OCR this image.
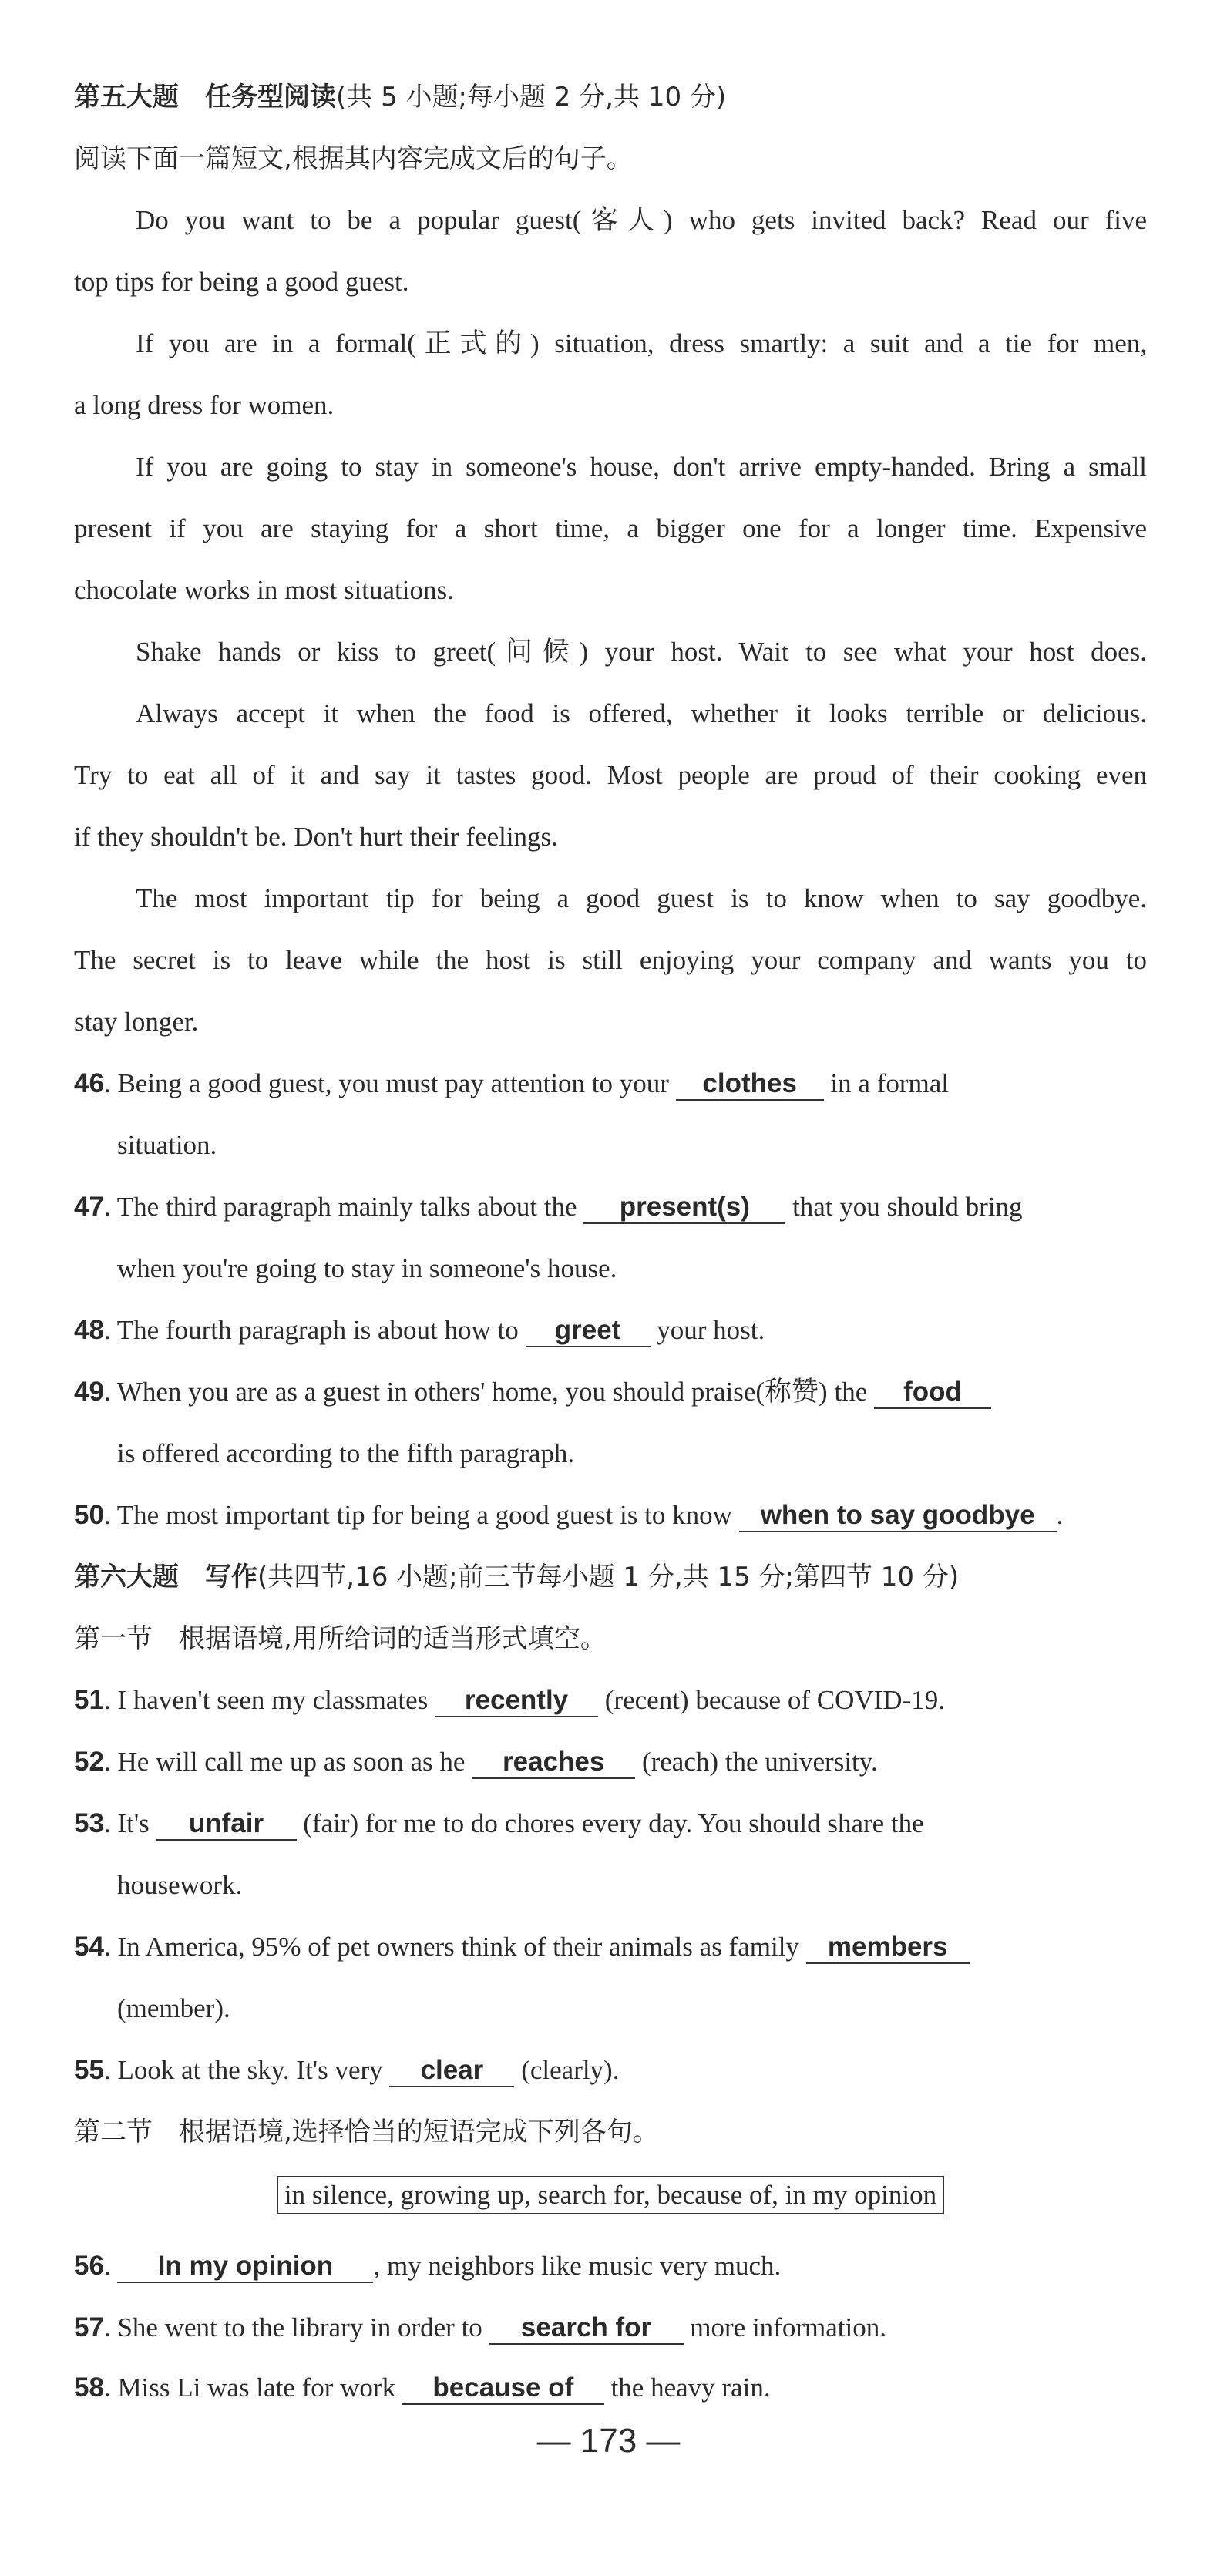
第五大题　任务型阅读(共 5 小题;每小题 2 分,共 10 分)
阅读下面一篇短文,根据其内容完成文后的句子。
Do you want to be a popular guest(客人) who gets invited back? Read our five
top tips for being a good guest.
If you are in a formal(正式的) situation, dress smartly: a suit and a tie for men,
a long dress for women.
If you are going to stay in someone's house, don't arrive empty-handed. Bring a small
present if you are staying for a short time, a bigger one for a longer time. Expensive
chocolate works in most situations.
Shake hands or kiss to greet(问候) your host. Wait to see what your host does.
Always accept it when the food is offered, whether it looks terrible or delicious.
Try to eat all of it and say it tastes good. Most people are proud of their cooking even
if they shouldn't be. Don't hurt their feelings.
The most important tip for being a good guest is to know when to say goodbye.
The secret is to leave while the host is still enjoying your company and wants you to
stay longer.
46. Being a good guest, you must pay attention to your clothes in a formal
situation.
47. The third paragraph mainly talks about the present(s) that you should bring
when you're going to stay in someone's house.
48. The fourth paragraph is about how to greet your host.
49. When you are as a guest in others' home, you should praise(称赞) the food
is offered according to the fifth paragraph.
50. The most important tip for being a good guest is to know when to say goodbye .
第六大题　写作(共四节,16 小题;前三节每小题 1 分,共 15 分;第四节 10 分)
第一节　根据语境,用所给词的适当形式填空。
51. I haven't seen my classmates recently (recent) because of COVID-19.
52. He will call me up as soon as he reaches (reach) the university.
53. It's unfair (fair) for me to do chores every day. You should share the
housework.
54. In America, 95% of pet owners think of their animals as family members
(member).
55. Look at the sky. It's very clear (clearly).
第二节　根据语境,选择恰当的短语完成下列各句。
in silence, growing up, search for, because of, in my opinion
56. In my opinion , my neighbors like music very much.
57. She went to the library in order to search for more information.
58. Miss Li was late for work because of the heavy rain.
— 173 —
